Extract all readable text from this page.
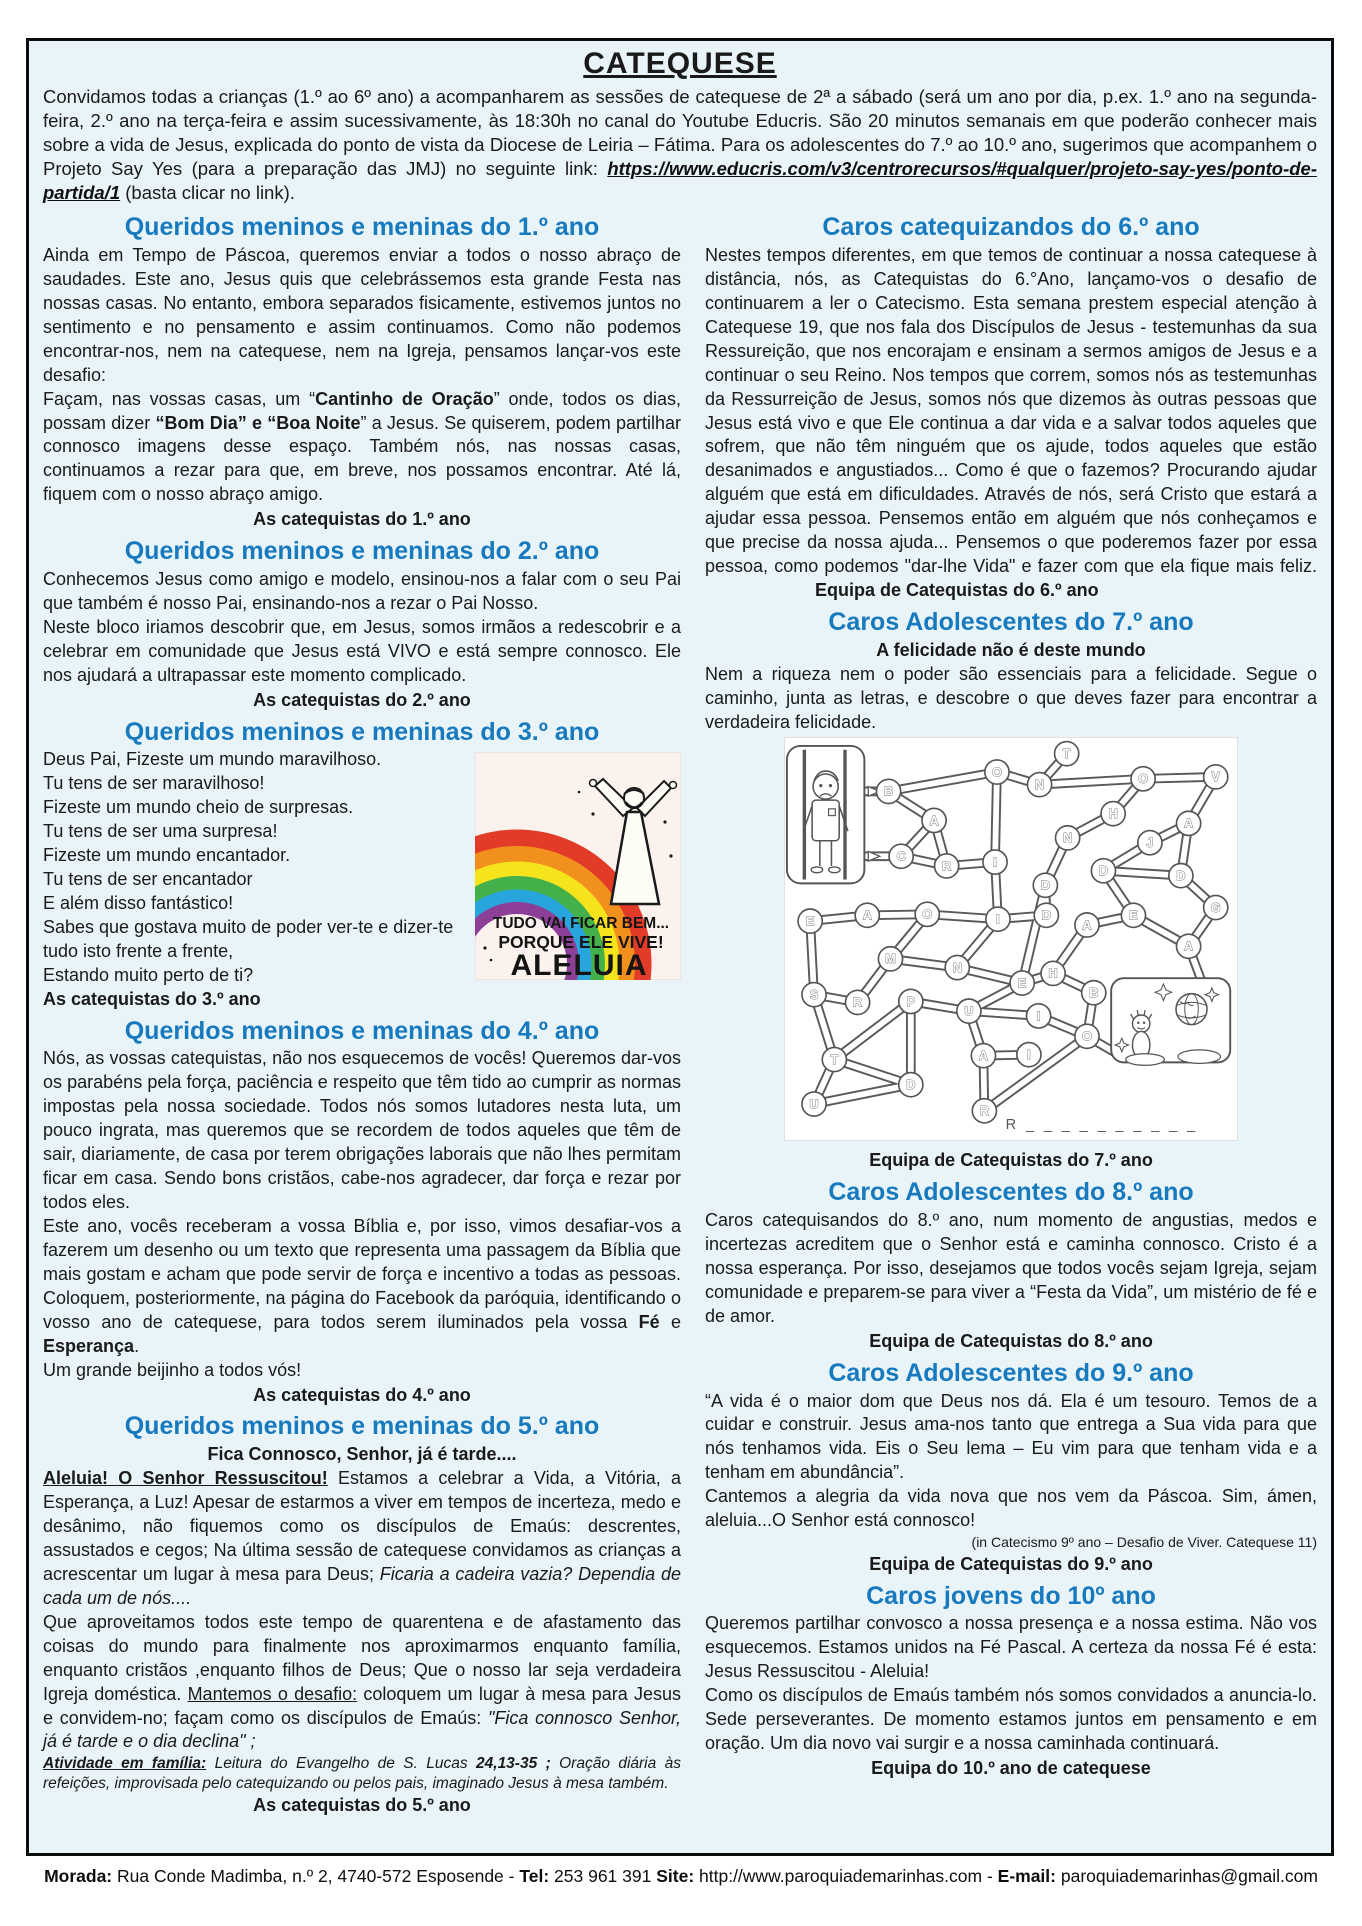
CATEQUESE

Convidamos todas a crianças (1.º ao 6º ano) a acompanharem as sessões de catequese de 2ª a sábado (será um ano por dia, p.ex. 1.º ano na segunda-feira, 2.º ano na terça-feira e assim sucessivamente, às 18:30h no canal do Youtube Educris. São 20 minutos semanais em que poderão conhecer mais sobre a vida de Jesus, explicada do ponto de vista da Diocese de Leiria – Fátima. Para os adolescentes do 7.º ao 10.º ano, sugerimos que acompanhem o Projeto Say Yes (para a preparação das JMJ) no seguinte link: https://www.educris.com/v3/centrorecursos/#qualquer/projeto-say-yes/ponto-de-partida/1 (basta clicar no link).

Queridos meninos e meninas do 1.º ano

Ainda em Tempo de Páscoa, queremos enviar a todos o nosso abraço de saudades. Este ano, Jesus quis que celebrássemos esta grande Festa nas nossas casas. No entanto, embora separados fisicamente, estivemos juntos no sentimento e no pensamento e assim continuamos. Como não podemos encontrar-nos, nem na catequese, nem na Igreja, pensamos lançar-vos este desafio:

Façam, nas vossas casas, um “Cantinho de Oração” onde, todos os dias, possam dizer “Bom Dia” e “Boa Noite” a Jesus. Se quiserem, podem partilhar connosco imagens desse espaço. Também nós, nas nossas casas, continuamos a rezar para que, em breve, nos possamos encontrar. Até lá, fiquem com o nosso abraço amigo.

As catequistas do 1.º ano
Queridos meninos e meninas do 2.º ano

Conhecemos Jesus como amigo e modelo, ensinou-nos a falar com o seu Pai que também é nosso Pai, ensinando-nos a rezar o Pai Nosso.

Neste bloco iriamos descobrir que, em Jesus, somos irmãos a redescobrir e a celebrar em comunidade que Jesus está VIVO e está sempre connosco. Ele nos ajudará a ultrapassar este momento complicado.

As catequistas do 2.º ano
Queridos meninos e meninas do 3.º ano
TUDO VAI FICAR BEM...
PORQUE ELE VIVE!
ALELUIA
Deus Pai, Fizeste um mundo maravilhoso.
Tu tens de ser maravilhoso!
Fizeste um mundo cheio de surpresas.
Tu tens de ser uma surpresa!
Fizeste um mundo encantador.
Tu tens de ser encantador
E além disso fantástico!
Sabes que gostava muito de poder ver-te e dizer-te tudo isto frente a frente,
Estando muito perto de ti?
As catequistas do 3.º ano
Queridos meninos e meninas do 4.º ano

Nós, as vossas catequistas, não nos esquecemos de vocês! Queremos dar-vos os parabéns pela força, paciência e respeito que têm tido ao cumprir as normas impostas pela nossa sociedade. Todos nós somos lutadores nesta luta, um pouco ingrata, mas queremos que se recordem de todos aqueles que têm de sair, diariamente, de casa por terem obrigações laborais que não lhes permitam ficar em casa. Sendo bons cristãos, cabe-nos agradecer, dar força e rezar por todos eles.

Este ano, vocês receberam a vossa Bíblia e, por isso, vimos desafiar-vos a fazerem um desenho ou um texto que representa uma passagem da Bíblia que mais gostam e acham que pode servir de força e incentivo a todas as pessoas. Coloquem, posteriormente, na página do Facebook da paróquia, identificando o vosso ano de catequese, para todos serem iluminados pela vossa Fé e Esperança.

Um grande beijinho a todos vós!

As catequistas do 4.º ano
Queridos meninos e meninas do 5.º ano
Fica Connosco, Senhor, já é tarde....

Aleluia! O Senhor Ressuscitou! Estamos a celebrar a Vida, a Vitória, a Esperança, a Luz! Apesar de estarmos a viver em tempos de incerteza, medo e desânimo, não fiquemos como os discípulos de Emaús: descrentes, assustados e cegos; Na última sessão de catequese convidamos as crianças a acrescentar um lugar à mesa para Deus; Ficaria a cadeira vazia? Dependia de cada um de nós....

Que aproveitamos todos este tempo de quarentena e de afastamento das coisas do mundo para finalmente nos aproximarmos enquanto família, enquanto cristãos ,enquanto filhos de Deus; Que o nosso lar seja verdadeira Igreja doméstica. Mantemos o desafio: coloquem um lugar à mesa para Jesus e convidem-no; façam como os discípulos de Emaús: "Fica connosco Senhor, já é tarde e o dia declina" ;

Atividade em família: Leitura do Evangelho de S. Lucas 24,13-35 ; Oração diária às refeições, improvisada pelo catequizando ou pelos pais, imaginado Jesus à mesa também.

As catequistas do 5.º ano
Caros catequizandos do 6.º ano

Nestes tempos diferentes, em que temos de continuar a nossa catequese à distância, nós, as Catequistas do 6.°Ano, lançamo-vos o desafio de continuarem a ler o Catecismo. Esta semana prestem especial atenção à Catequese 19, que nos fala dos Discípulos de Jesus - testemunhas da sua Ressureição, que nos encorajam e ensinam a sermos amigos de Jesus e a continuar o seu Reino. Nos tempos que correm, somos nós as testemunhas da Ressurreição de Jesus, somos nós que dizemos às outras pessoas que Jesus está vivo e que Ele continua a dar vida e a salvar todos aqueles que sofrem, que não têm ninguém que os ajude, todos aqueles que estão desanimados e angustiados... Como é que o fazemos? Procurando ajudar alguém que está em dificuldades. Através de nós, será Cristo que estará a ajudar essa pessoa. Pensemos então em alguém que nós conheçamos e que precise da nossa ajuda... Pensemos o que poderemos fazer por essa pessoa, como podemos "dar-lhe Vida" e fazer com que ela fique mais feliz.Equipa de Catequistas do 6.º ano

Caros Adolescentes do 7.º ano
A felicidade não é deste mundo

Nem a riqueza nem o poder são essenciais para a felicidade. Segue o caminho, junta as letras, e descobre o que deves fazer para encontrar a verdadeira felicidade.

B
A
C
O
T
N	O	V
H
A
N	J
D
D
D
G
E
A
A
E	A	O	I	D
M
N
E
S
R	P
U
H
B
I
O
T	A	I
D
U	R
R	I
R _ _ _ _ _ _ _ _ _ _
Equipa de Catequistas do 7.º ano
Caros Adolescentes do 8.º ano

Caros catequisandos do 8.º ano, num momento de angustias, medos e incertezas acreditem que o Senhor está e caminha connosco. Cristo é a nossa esperança. Por isso, desejamos que todos vocês sejam Igreja, sejam comunidade e preparem-se para viver a “Festa da Vida”, um mistério de fé e de amor.

Equipa de Catequistas do 8.º ano
Caros Adolescentes do 9.º ano

“A vida é o maior dom que Deus nos dá. Ela é um tesouro. Temos de a cuidar e construir. Jesus ama-nos tanto que entrega a Sua vida para que nós tenhamos vida. Eis o Seu lema – Eu vim para que tenham vida e a tenham em abundância”.

Cantemos a alegria da vida nova que nos vem da Páscoa. Sim, ámen, aleluia...O Senhor está connosco!

(in Catecismo 9º ano – Desafio de Viver. Catequese 11)

Equipa de Catequistas do 9.º ano
Caros jovens do 10º ano

Queremos partilhar convosco a nossa presença e a nossa estima. Não vos esquecemos. Estamos unidos na Fé Pascal. A certeza da nossa Fé é esta: Jesus Ressuscitou - Aleluia!

Como os discípulos de Emaús também nós somos convidados a anuncia-lo. Sede perseverantes. De momento estamos juntos em pensamento e em oração. Um dia novo vai surgir e a nossa caminhada continuará.

Equipa do 10.º ano de catequese
Morada: Rua Conde Madimba, n.º 2, 4740-572 Esposende - Tel: 253 961 391 Site: http://www.paroquiademarinhas.com - E-mail: paroquiademarinhas@gmail.com
